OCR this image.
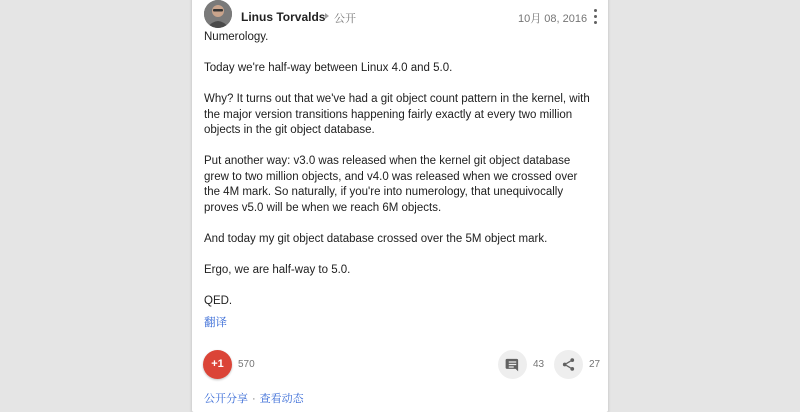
Linus Torvalds 公开	10月 08, 2016

Numerology.

Today we're half-way between Linux 4.0 and 5.0.

Why? It turns out that we've had a git object count pattern in the kernel, with the major version transitions happening fairly exactly at every two million objects in the git object database.

Put another way: v3.0 was released when the kernel git object database grew to two million objects, and v4.0 was released when we crossed over the 4M mark. So naturally, if you're into numerology, that unequivocally proves v5.0 will be when we reach 6M objects.

And today my git object database crossed over the 5M object mark.

Ergo, we are half-way to 5.0.

QED.

翻译
+1	570	43	27
公开分享 · 查看动态
